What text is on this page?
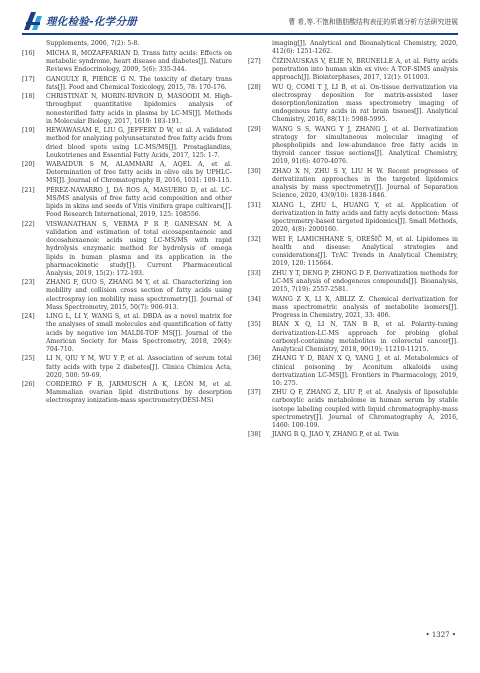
理化检验-化学分册	曹 希,等.不饱和脂肪酸结构表征的质谱分析方法研究进展
Supplements, 2006, 7(2): 5-8.
[16] MICHA R, MOZAFFARIAN D. Trans fatty acids: Effects on metabolic syndrome, heart disease and diabetes[J]. Nature Reviews Endocrinology, 2009, 5(6): 335-344.
[17] GANGULY R, PIERCE G N. The toxicity of dietary trans fats[J]. Food and Chemical Toxicology, 2015, 78: 170-176.
[18] CHRISTINAT N, MORIN-RIVRON D, MASOODI M. High-throughput quantitative lipidomics analysis of nonesterified fatty acids in plasma by LC-MS[J]. Methods in Molecular Biology, 2017, 1619: 183-191.
[19] HEWAWASAM E, LIU G, JEFFERY D W, et al. A validated method for analyzing polyunsaturated free fatty acids from dried blood spots using LC-MS/MS[J]. Prostaglandins, Leukotrienes and Essential Fatty Acids, 2017, 125: 1-7.
[20] WABAIDUR S M, ALAMMARI A, AQEL A, et al. Determination of free fatty acids in olive oils by UPHLC-MS[J]. Journal of Chromatography B, 2016, 1031: 109-115.
[21] PÉREZ-NAVARRO J, DA ROS A, MASUERO D, et al. LC-MS/MS analysis of free fatty acid composition and other lipids in skins and seeds of Vitis vinifera grape cultivars[J]. Food Research International, 2019, 125: 108556.
[22] VISWANATHAN S, VERMA P R P, GANESAN M. A validation and estimation of total eicosapentaenoic and docosahexaenoic acids using LC-MS/MS with rapid hydrolysis enzymatic method for hydrolysis of omega lipids in human plasma and its application in the pharmacokinetic study[J]. Current Pharmaceutical Analysis, 2019, 15(2): 172-193.
[23] ZHANG F, GUO S, ZHANG M Y, et al. Characterizing ion mobility and collision cross section of fatty acids using electrospray ion mobility mass spectrometry[J]. Journal of Mass Spectrometry, 2015, 50(7): 906-913.
[24] LING L, LI Y, WANG S, et al. DBDA as a novel matrix for the analyses of small molecules and quantification of fatty acids by negative ion MALDI-TOF MS[J]. Journal of the American Society for Mass Spectrometry, 2018, 29(4): 704-710.
[25] LI N, QIU Y M, WU Y P, et al. Association of serum total fatty acids with type 2 diabetes[J]. Clinica Chimica Acta, 2020, 500: 59-69.
[26] CORDEIRO F B, JARMUSCH A K, LEÓN M, et al. Mammalian ovarian lipid distributions by desorption electrospray ionization-mass spectrometry(DESI-MS)
imaging[J]. Analytical and Bioanalytical Chemistry, 2020, 412(6): 1251-1262.
[27] ČIŽINAUSKAS V, ELIE N, BRUNELLE A, et al. Fatty acids penetration into human skin ex vivo: A TOF-SIMS analysis approach[J]. Biointerphases, 2017, 12(1): 011003.
[28] WU Q, COMI T J, LI B, et al. On-tissue derivatization via electrospray deposition for matrix-assisted laser desorption/ionization mass spectrometry imaging of endogenous fatty acids in rat brain tissues[J]. Analytical Chemistry, 2016, 88(11): 5988-5995.
[29] WANG S S, WANG Y J, ZHANG J, et al. Derivatization strategy for simultaneous molecular imaging of phospholipids and low-abundance free fatty acids in thyroid cancer tissue sections[J]. Analytical Chemistry, 2019, 91(6): 4070-4076.
[30] ZHAO X N, ZHU S Y, LIU H W. Recent progresses of derivatization approaches in the targeted lipidomics analysis by mass spectrometry[J]. Journal of Separation Science, 2020, 43(9/10): 1838-1846.
[31] XIANG L, ZHU L, HUANG Y, et al. Application of derivatization in fatty acids and fatty acyls detection: Mass spectrometry-based targeted lipidomics[J]. Small Methods, 2020, 4(8): 2000160.
[32] WEI F, LAMICHHANE S, OREŠIČ M, et al. Lipidomes in health and disease: Analytical strategies and considerations[J]. TrAC Trends in Analytical Chemistry, 2019, 120: 115664.
[33] ZHU Y T, DENG P, ZHONG D F. Derivatization methods for LC-MS analysis of endogenous compounds[J]. Bioanalysis, 2015, 7(19): 2557-2581.
[34] WANG Z X, LI X, ABLIZ Z. Chemical derivatization for mass spectrometric analysis of metabolite isomers[J]. Progress in Chemistry, 2021, 33: 406.
[35] BIAN X Q, LI N, TAN B B, et al. Polarity-tuning derivatization-LC-MS approach for probing global carboxyl-containing metabolites in colorectal cancer[J]. Analytical Chemistry, 2018, 90(19): 11210-11215.
[36] ZHANG Y D, BIAN X Q, YANG J, et al. Metabolomics of clinical poisoning by Aconitum alkaloids using derivatization LC-MS[J]. Frontiers in Pharmacology, 2019, 10: 275.
[37] ZHU Q F, ZHANG Z, LIU P, et al. Analysis of liposoluble carboxylic acids metabolome in human serum by stable isotope labeling coupled with liquid chromatography-mass spectrometry[J]. Journal of Chromatography A, 2016, 1460: 100-109.
[38] JIANG R Q, JIAO Y, ZHANG P, et al. Twin
• 1327 •
